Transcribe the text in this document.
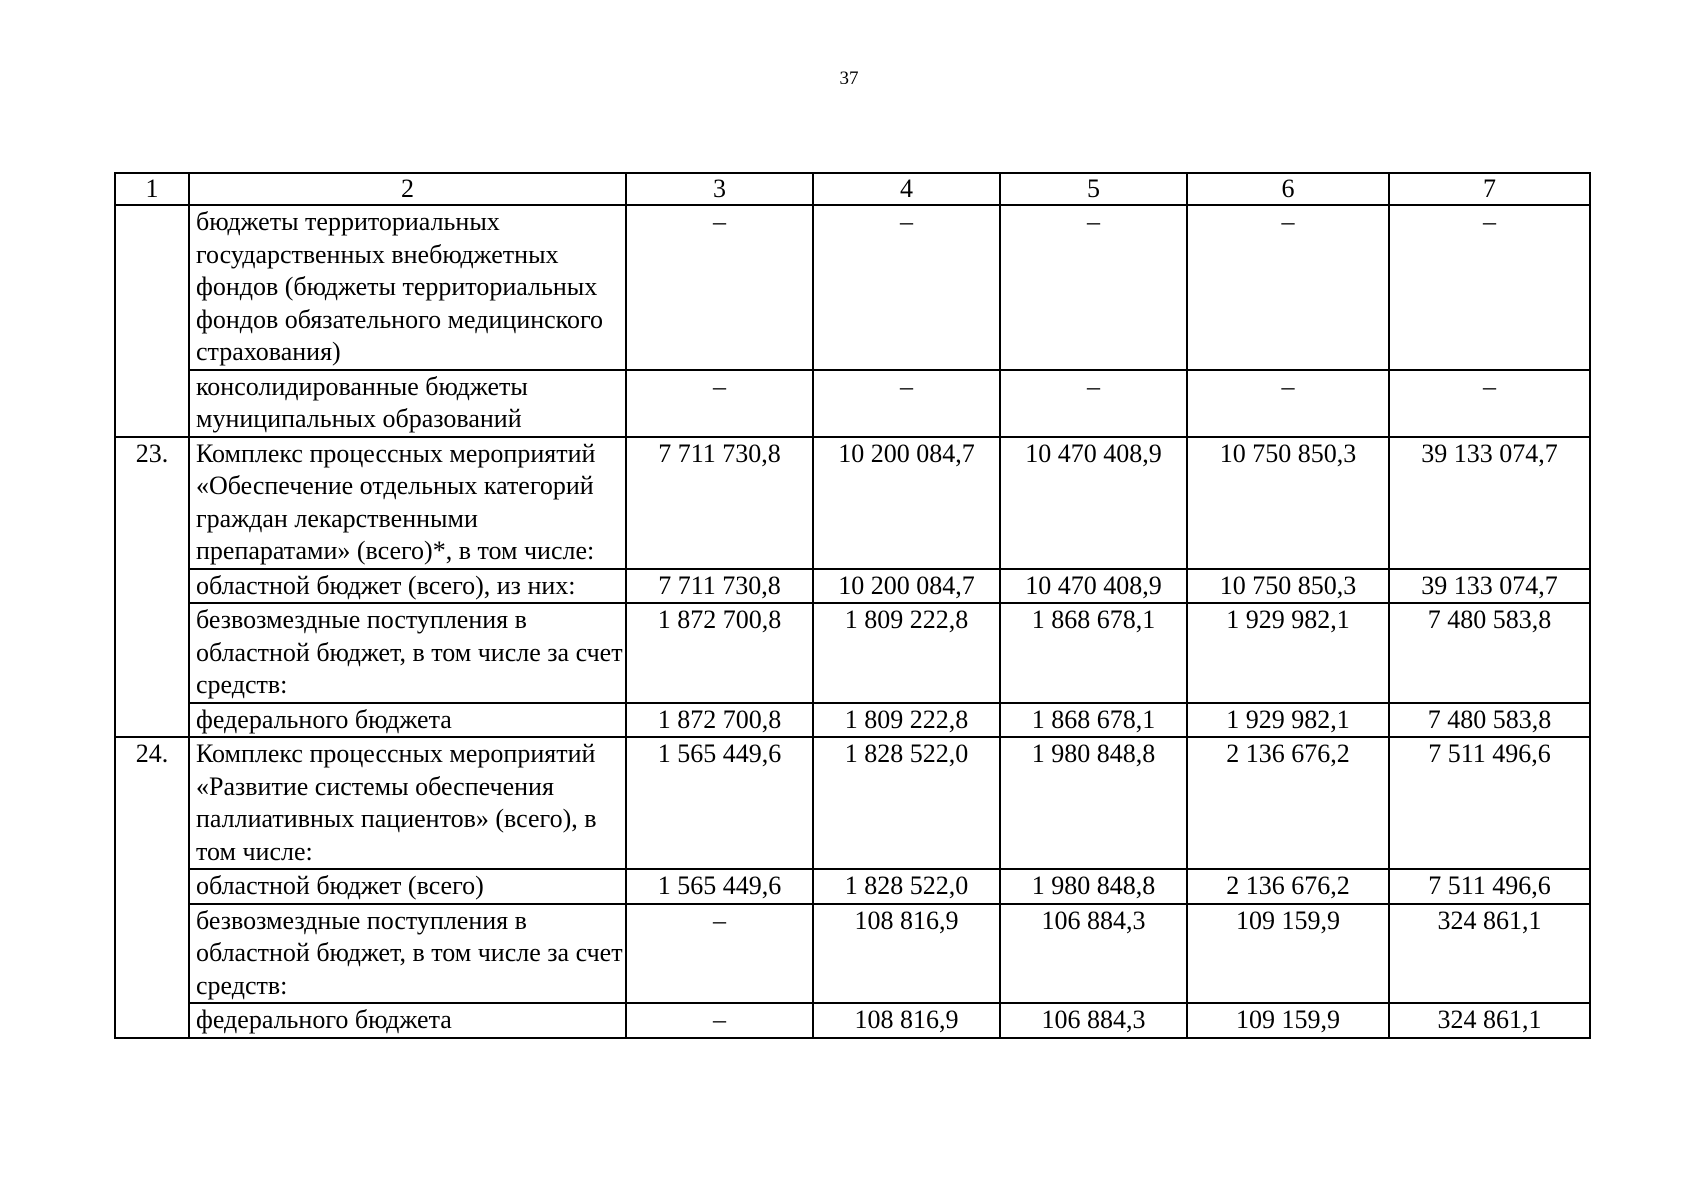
37
1	2	3	4	5	6	7
	бюджеты территориальных государственных внебюджетных фондов (бюджеты территориальных фондов обязательного медицинского страхования)	–	–	–	–	–
	консолидированные бюджеты муниципальных образований	–	–	–	–	–
23.	Комплекс процессных мероприятий «Обеспечение отдельных категорий граждан лекарственными препаратами» (всего)*, в том числе:	7 711 730,8	10 200 084,7	10 470 408,9	10 750 850,3	39 133 074,7
	областной бюджет (всего), из них:	7 711 730,8	10 200 084,7	10 470 408,9	10 750 850,3	39 133 074,7
	безвозмездные поступления в областной бюджет, в том числе за счет средств:	1 872 700,8	1 809 222,8	1 868 678,1	1 929 982,1	7 480 583,8
	федерального бюджета	1 872 700,8	1 809 222,8	1 868 678,1	1 929 982,1	7 480 583,8
24.	Комплекс процессных мероприятий «Развитие системы обеспечения паллиативных пациентов» (всего), в том числе:	1 565 449,6	1 828 522,0	1 980 848,8	2 136 676,2	7 511 496,6
	областной бюджет (всего)	1 565 449,6	1 828 522,0	1 980 848,8	2 136 676,2	7 511 496,6
	безвозмездные поступления в областной бюджет, в том числе за счет средств:	–	108 816,9	106 884,3	109 159,9	324 861,1
	федерального бюджета	–	108 816,9	106 884,3	109 159,9	324 861,1
